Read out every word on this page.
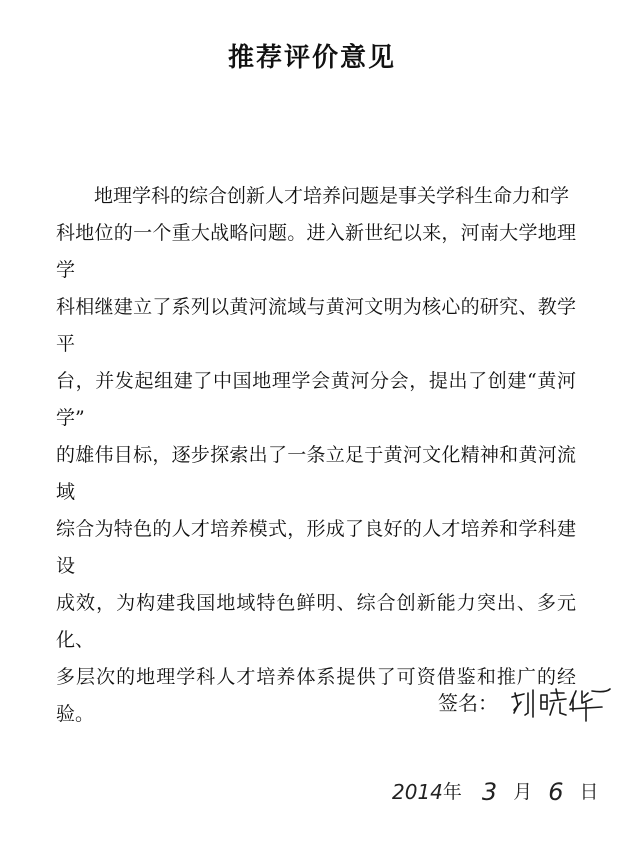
推荐评价意见
地理学科的综合创新人才培养问题是事关学科生命力和学
科地位的一个重大战略问题。进入新世纪以来，河南大学地理学
科相继建立了系列以黄河流域与黄河文明为核心的研究、教学平
台，并发起组建了中国地理学会黄河分会，提出了创建“黄河学”
的雄伟目标，逐步探索出了一条立足于黄河文化精神和黄河流域
综合为特色的人才培养模式，形成了良好的人才培养和学科建设
成效，为构建我国地域特色鲜明、综合创新能力突出、多元化、
多层次的地理学科人才培养体系提供了可资借鉴和推广的经验。	签名：
2014 年 3 月 6 日
